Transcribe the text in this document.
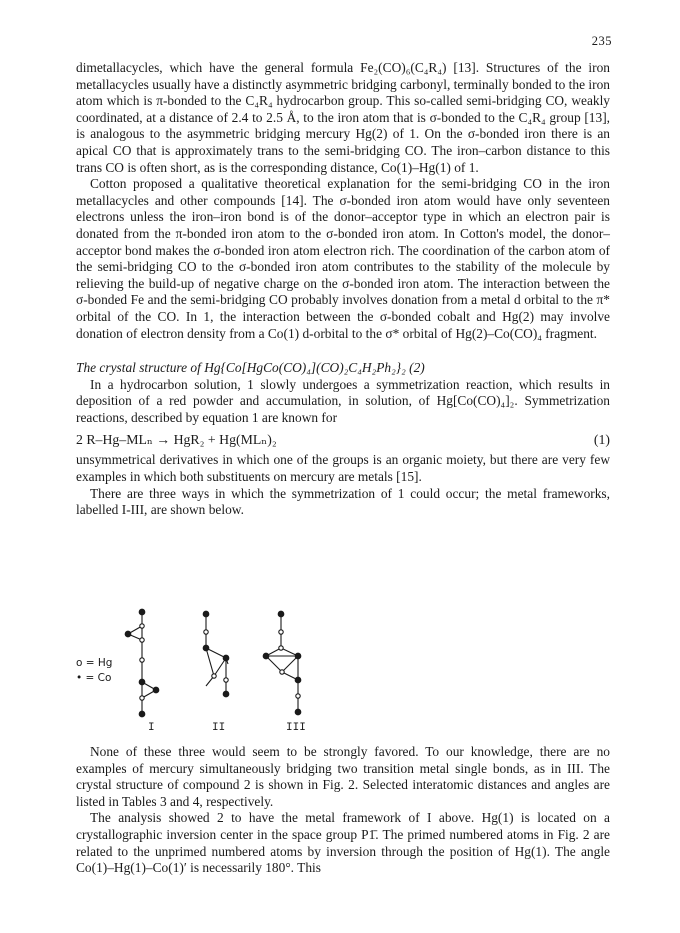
235

dimetallacycles, which have the general formula Fe₂(CO)₆(C₄R₄) [13]. Structures of the iron metallacycles usually have a distinctly asymmetric bridging carbonyl, terminally bonded to the iron atom which is π-bonded to the C₄R₄ hydrocarbon group. This so-called semi-bridging CO, weakly coordinated, at a distance of 2.4 to 2.5 Å, to the iron atom that is σ-bonded to the C₄R₄ group [13], is analogous to the asymmetric bridging mercury Hg(2) of 1. On the σ-bonded iron there is an apical CO that is approximately trans to the semi-bridging CO. The iron–carbon distance to this trans CO is often short, as is the corresponding distance, Co(1)–Hg(1) of 1.

Cotton proposed a qualitative theoretical explanation for the semi-bridging CO in the iron metallacycles and other compounds [14]. The σ-bonded iron atom would have only seventeen electrons unless the iron–iron bond is of the donor–acceptor type in which an electron pair is donated from the π-bonded iron atom to the σ-bonded iron atom. In Cotton's model, the donor–acceptor bond makes the σ-bonded iron atom electron rich. The coordination of the carbon atom of the semi-bridging CO to the σ-bonded iron atom contributes to the stability of the molecule by relieving the build-up of negative charge on the σ-bonded iron atom. The interaction between the σ-bonded Fe and the semi-bridging CO probably involves donation from a metal d orbital to the π* orbital of the CO. In 1, the interaction between the σ-bonded cobalt and Hg(2) may involve donation of electron density from a Co(1) d-orbital to the σ* orbital of Hg(2)–Co(CO)₄ fragment.

The crystal structure of Hg{Co[HgCo(CO)₄](CO)₂C₄H₂Ph₂}₂ (2)

In a hydrocarbon solution, 1 slowly undergoes a symmetrization reaction, which results in deposition of a red powder and accumulation, in solution, of Hg[Co(CO)₄]₂. Symmetrization reactions, described by equation 1 are known for

2 R–Hg–MLₙ → HgR₂ + Hg(MLₙ)₂	(1)

unsymmetrical derivatives in which one of the groups is an organic moiety, but there are very few examples in which both substituents on mercury are metals [15].

There are three ways in which the symmetrization of 1 could occur; the metal frameworks, labelled I-III, are shown below.

o = Hg
• = Co
I	II	III

None of these three would seem to be strongly favored. To our knowledge, there are no examples of mercury simultaneously bridging two transition metal single bonds, as in III. The crystal structure of compound 2 is shown in Fig. 2. Selected interatomic distances and angles are listed in Tables 3 and 4, respectively.

The analysis showed 2 to have the metal framework of I above. Hg(1) is located on a crystallographic inversion center in the space group P1̄. The primed numbered atoms in Fig. 2 are related to the unprimed numbered atoms by inversion through the position of Hg(1). The angle Co(1)–Hg(1)–Co(1)′ is necessarily 180°. This
